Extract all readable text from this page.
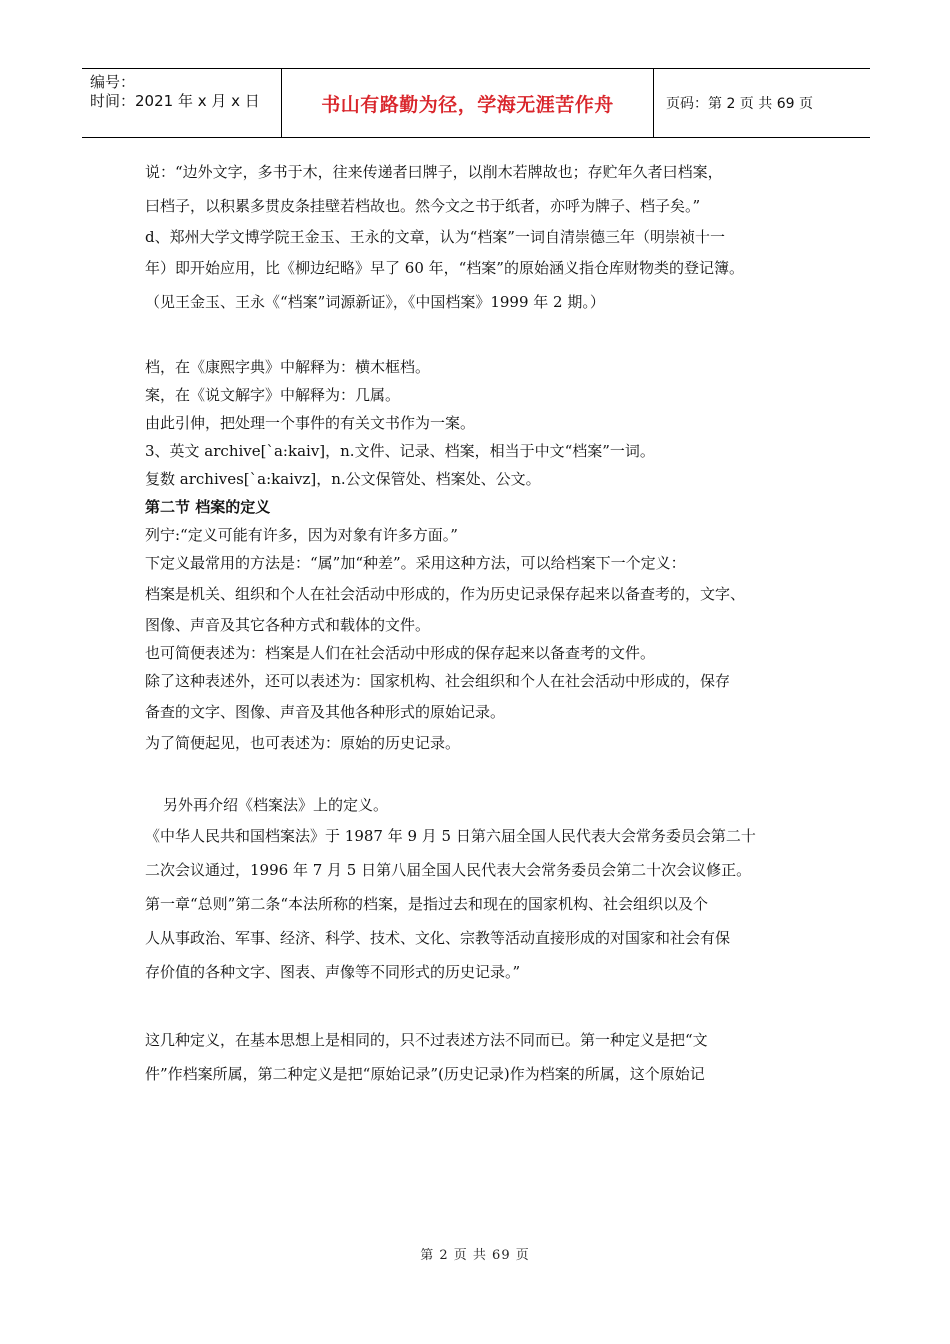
编号：
时间：2021 年 x 月 x 日	书山有路勤为径，学海无涯苦作舟	页码：第 2 页 共 69 页
说：“边外文字，多书于木，往来传递者曰牌子，以削木若牌故也；存贮年久者曰档案，
曰档子，以积累多贯皮条挂壁若档故也。然今文之书于纸者，亦呼为牌子、档子矣。”
d、郑州大学文博学院王金玉、王永的文章，认为“档案”一词自清崇德三年（明崇祯十一
年）即开始应用，比《柳边纪略》早了 60 年，“档案”的原始涵义指仓库财物类的登记簿。
（见王金玉、王永《“档案”词源新证》，《中国档案》1999 年 2 期。）
档，在《康熙字典》中解释为：横木框档。
案，在《说文解字》中解释为：几属。
由此引伸，把处理一个事件的有关文书作为一案。
3、英文 archive[`a:kaiv]，n.文件、记录、档案，相当于中文“档案”一词。
复数 archives[`a:kaivz]，n.公文保管处、档案处、公文。
第二节 档案的定义
列宁:“定义可能有许多，因为对象有许多方面。”
下定义最常用的方法是：“属”加“种差”。采用这种方法，可以给档案下一个定义：
档案是机关、组织和个人在社会活动中形成的，作为历史记录保存起来以备查考的，文字、
图像、声音及其它各种方式和载体的文件。
也可简便表述为：档案是人们在社会活动中形成的保存起来以备查考的文件。
除了这种表述外，还可以表述为：国家机构、社会组织和个人在社会活动中形成的，保存
备查的文字、图像、声音及其他各种形式的原始记录。
为了简便起见，也可表述为：原始的历史记录。
另外再介绍《档案法》上的定义。
《中华人民共和国档案法》于 1987 年 9 月 5 日第六届全国人民代表大会常务委员会第二十
二次会议通过，1996 年 7 月 5 日第八届全国人民代表大会常务委员会第二十次会议修正。
第一章“总则”第二条“本法所称的档案，是指过去和现在的国家机构、社会组织以及个
人从事政治、军事、经济、科学、技术、文化、宗教等活动直接形成的对国家和社会有保
存价值的各种文字、图表、声像等不同形式的历史记录。”
这几种定义，在基本思想上是相同的，只不过表述方法不同而已。第一种定义是把“文
件”作档案所属，第二种定义是把“原始记录”(历史记录)作为档案的所属，这个原始记
第 2 页 共 69 页
